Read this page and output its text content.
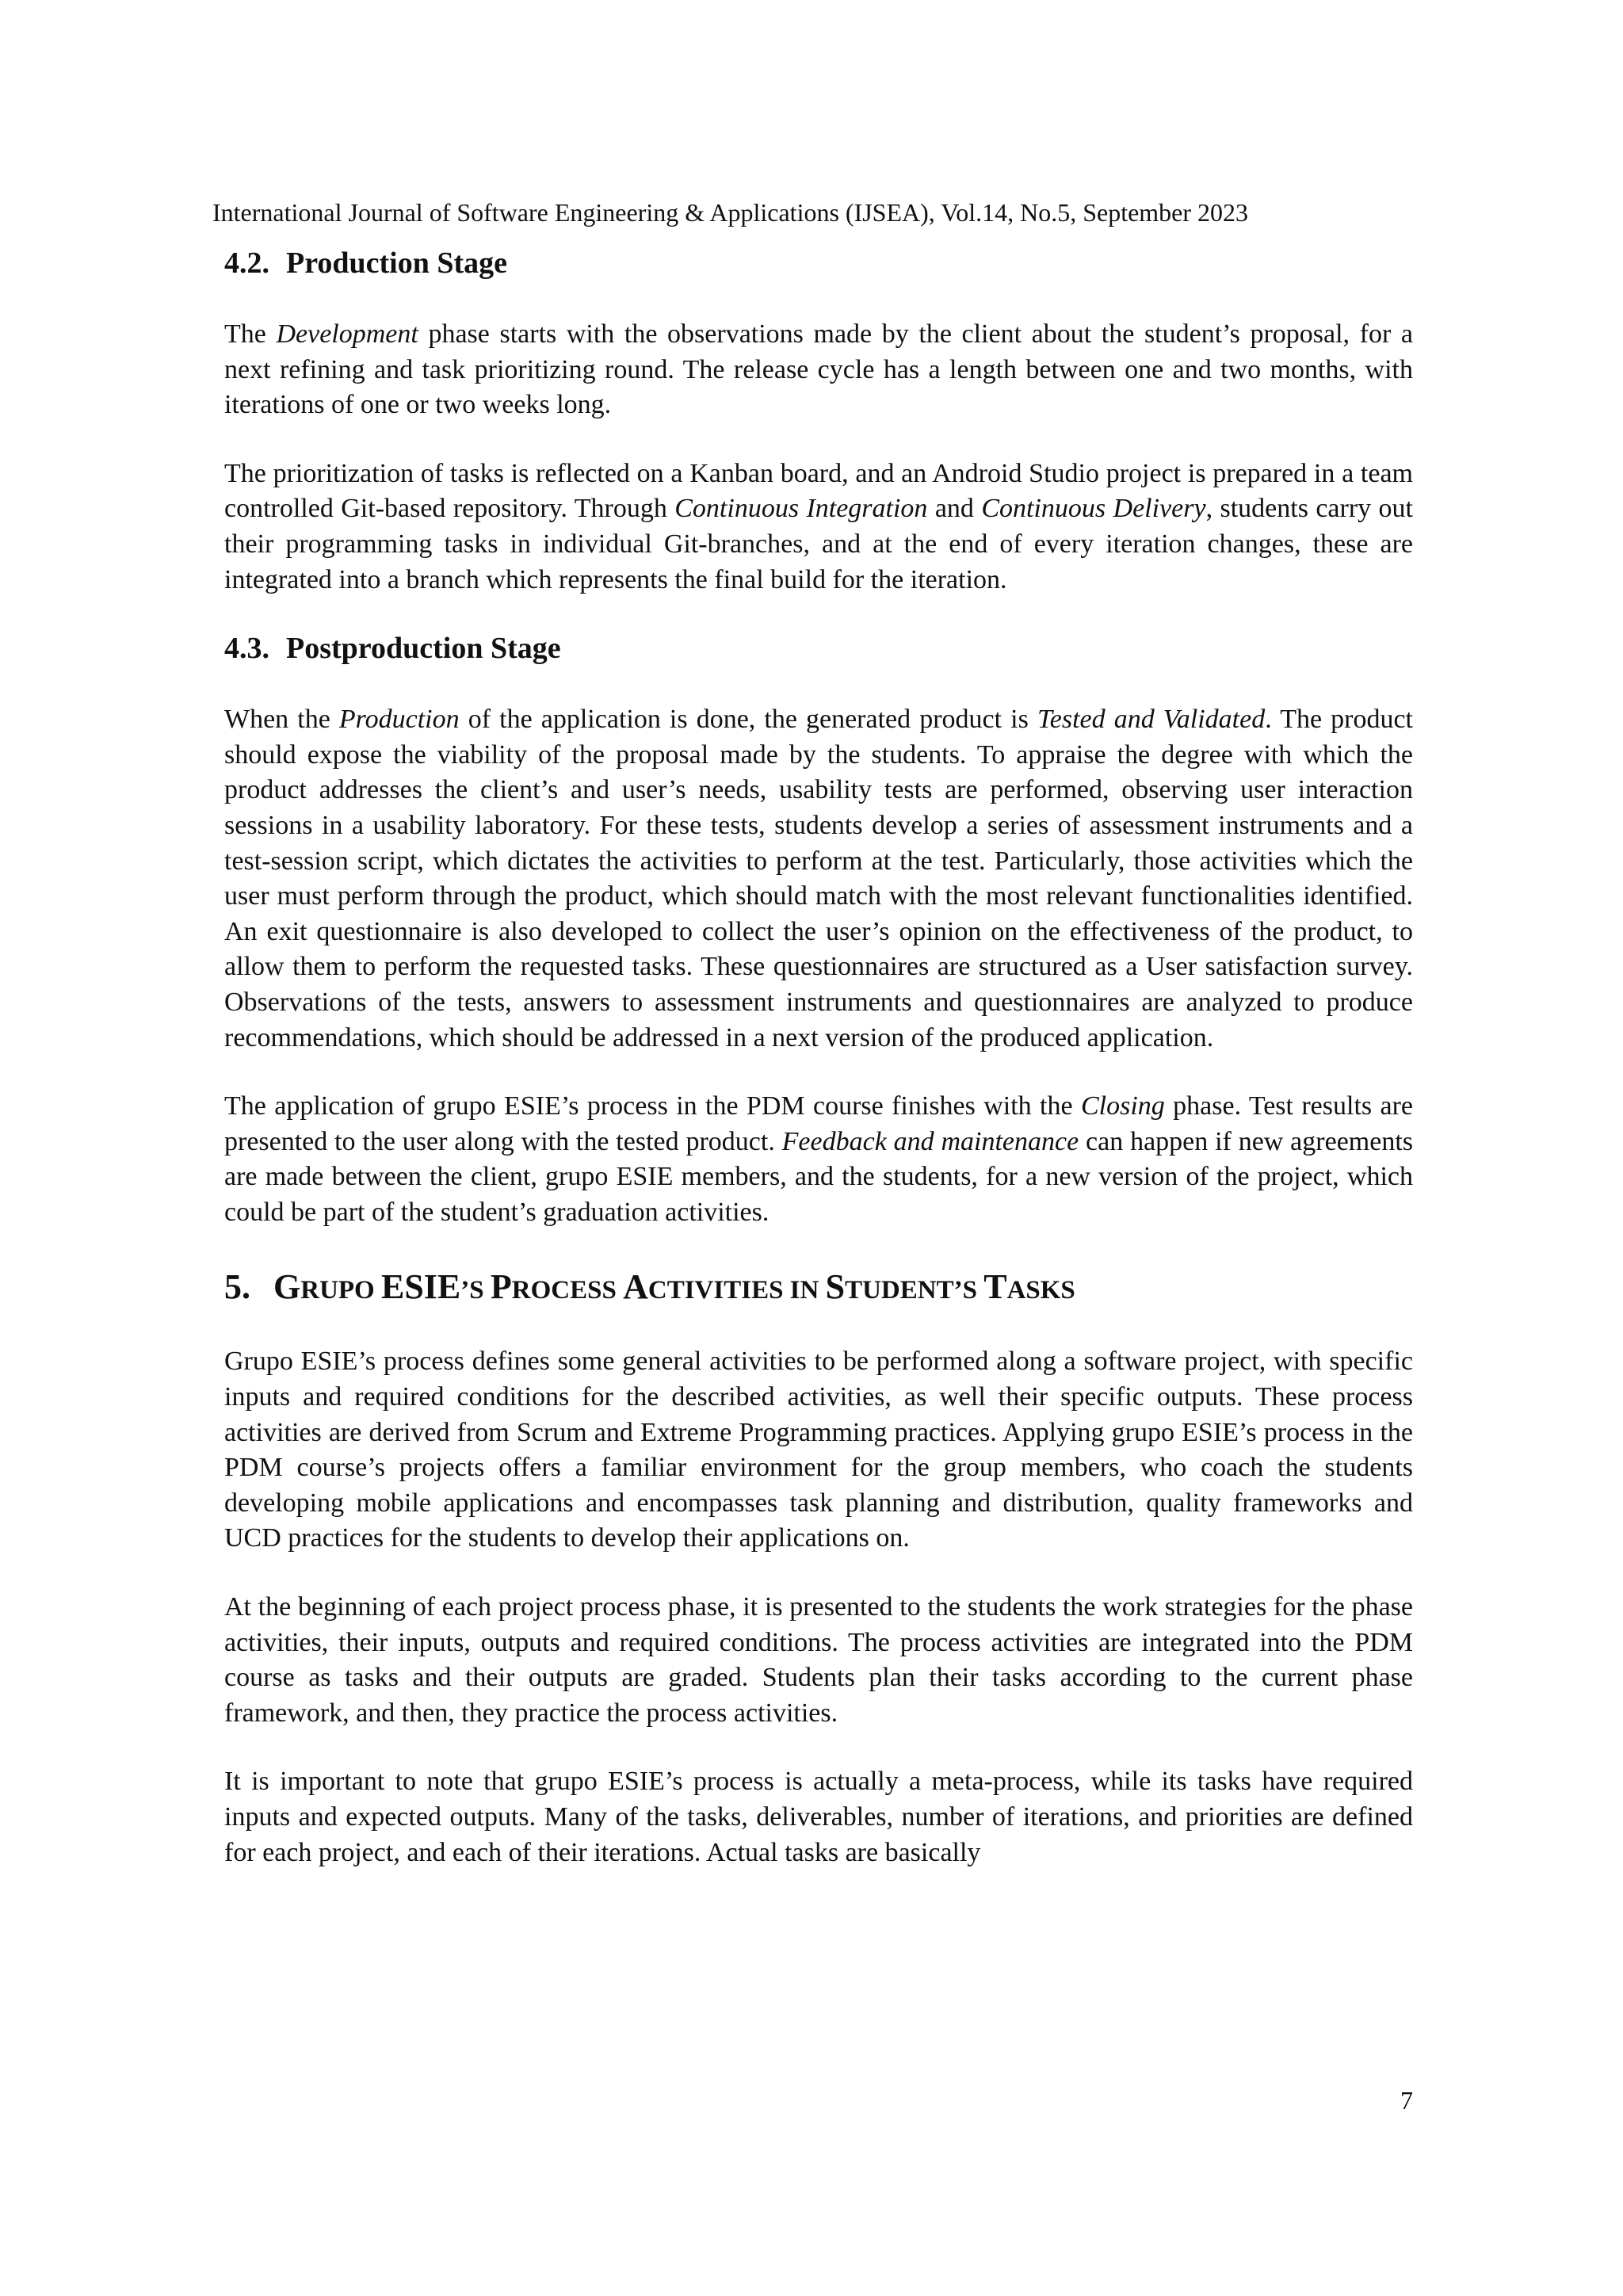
International Journal of Software Engineering & Applications (IJSEA), Vol.14, No.5, September 2023
4.2. Production Stage

The Development phase starts with the observations made by the client about the student’s proposal, for a next refining and task prioritizing round. The release cycle has a length between one and two months, with iterations of one or two weeks long.

The prioritization of tasks is reflected on a Kanban board, and an Android Studio project is prepared in a team controlled Git-based repository. Through Continuous Integration and Continuous Delivery, students carry out their programming tasks in individual Git-branches, and at the end of every iteration changes, these are integrated into a branch which represents the final build for the iteration.

4.3. Postproduction Stage

When the Production of the application is done, the generated product is Tested and Validated. The product should expose the viability of the proposal made by the students. To appraise the degree with which the product addresses the client’s and user’s needs, usability tests are performed, observing user interaction sessions in a usability laboratory. For these tests, students develop a series of assessment instruments and a test-session script, which dictates the activities to perform at the test. Particularly, those activities which the user must perform through the product, which should match with the most relevant functionalities identified. An exit questionnaire is also developed to collect the user’s opinion on the effectiveness of the product, to allow them to perform the requested tasks. These questionnaires are structured as a User satisfaction survey. Observations of the tests, answers to assessment instruments and questionnaires are analyzed to produce recommendations, which should be addressed in a next version of the produced application.

The application of grupo ESIE’s process in the PDM course finishes with the Closing phase. Test results are presented to the user along with the tested product. Feedback and maintenance can happen if new agreements are made between the client, grupo ESIE members, and the students, for a new version of the project, which could be part of the student’s graduation activities.

5. GRUPO ESIE’S PROCESS ACTIVITIES IN STUDENT’S TASKS

Grupo ESIE’s process defines some general activities to be performed along a software project, with specific inputs and required conditions for the described activities, as well their specific outputs. These process activities are derived from Scrum and Extreme Programming practices. Applying grupo ESIE’s process in the PDM course’s projects offers a familiar environment for the group members, who coach the students developing mobile applications and encompasses task planning and distribution, quality frameworks and UCD practices for the students to develop their applications on.

At the beginning of each project process phase, it is presented to the students the work strategies for the phase activities, their inputs, outputs and required conditions. The process activities are integrated into the PDM course as tasks and their outputs are graded. Students plan their tasks according to the current phase framework, and then, they practice the process activities.

It is important to note that grupo ESIE’s process is actually a meta-process, while its tasks have required inputs and expected outputs. Many of the tasks, deliverables, number of iterations, and priorities are defined for each project, and each of their iterations. Actual tasks are basically

7
